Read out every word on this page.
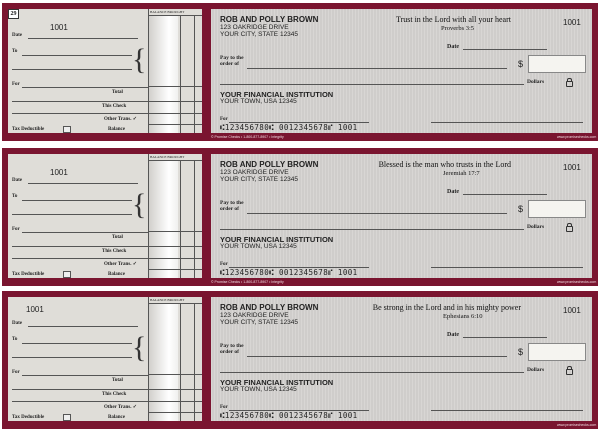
29
1001
Date
To	{
For
Total
This Check
Other Trans. ✓
Tax Deductible	Balance
BALANCE BROUGHT
ROB AND POLLY BROWN
123 OAKRIDGE DRIVE
YOUR CITY, STATE 12345
Trust in the Lord with all your heart
Proverbs 3:5
1001
Date
Pay to the
order of	$
Dollars
YOUR FINANCIAL INSTITUTION
YOUR TOWN, USA 12345
For
⑆123456780⑆ 0012345678⑈ 1001
© Promise Checks • 1-800-877-8907 • Integrity	www.promisechecks.com
1001
Date
To	{
For
Total
This Check
Other Trans. ✓
Tax Deductible	Balance
BALANCE BROUGHT
ROB AND POLLY BROWN
123 OAKRIDGE DRIVE
YOUR CITY, STATE 12345
Blessed is the man who trusts in the Lord
Jeremiah 17:7
1001
Date
Pay to the
order of	$
Dollars
YOUR FINANCIAL INSTITUTION
YOUR TOWN, USA 12345
For
⑆123456780⑆ 0012345678⑈ 1001
© Promise Checks • 1-800-877-8907 • Integrity	www.promisechecks.com
1001
Date
To	{
For
Total
This Check
Other Trans. ✓
Tax Deductible	Balance
BALANCE BROUGHT
ROB AND POLLY BROWN
123 OAKRIDGE DRIVE
YOUR CITY, STATE 12345
Be strong in the Lord and in his mighty power
Ephesians 6:10
1001
Date
Pay to the
order of	$
Dollars
YOUR FINANCIAL INSTITUTION
YOUR TOWN, USA 12345
For
⑆123456780⑆ 0012345678⑈ 1001
www.promisechecks.com
